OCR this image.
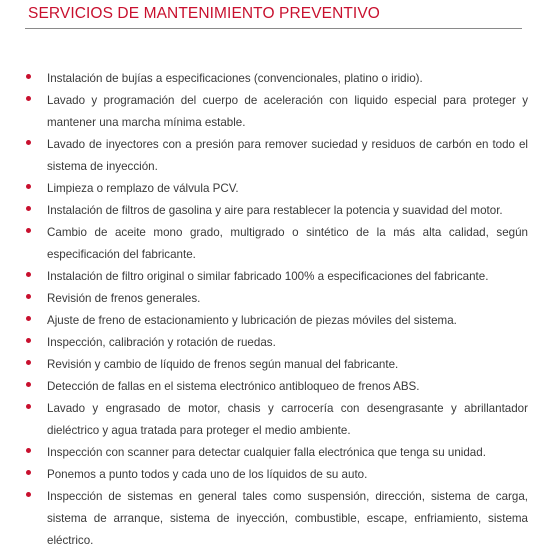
SERVICIOS DE MANTENIMIENTO PREVENTIVO
Instalación de bujías a especificaciones (convencionales, platino o iridio).
Lavado y programación del cuerpo de aceleración con liquido especial para proteger y mantener una marcha mínima estable.
Lavado de inyectores con a presión para remover suciedad y residuos de carbón en todo el sistema de inyección.
Limpieza o remplazo de válvula PCV.
Instalación de filtros de gasolina y aire para restablecer la potencia y suavidad del motor.
Cambio de aceite mono grado, multigrado o sintético de la más alta calidad, según especificación del fabricante.
Instalación de filtro original o similar fabricado 100% a especificaciones del fabricante.
Revisión de frenos generales.
Ajuste de freno de estacionamiento y lubricación de piezas móviles del sistema.
Inspección, calibración y rotación de ruedas.
Revisión y cambio de líquido de frenos según manual del fabricante.
Detección de fallas en el sistema electrónico antibloqueo de frenos ABS.
Lavado y engrasado de motor, chasis y carrocería con desengrasante y abrillantador dieléctrico y agua tratada para proteger el medio ambiente.
Inspección con scanner para detectar cualquier falla electrónica que tenga su unidad.
Ponemos a punto todos y cada uno de los líquidos de su auto.
Inspección de sistemas en general tales como suspensión, dirección, sistema de carga, sistema de arranque, sistema de inyección, combustible, escape, enfriamiento, sistema eléctrico.
